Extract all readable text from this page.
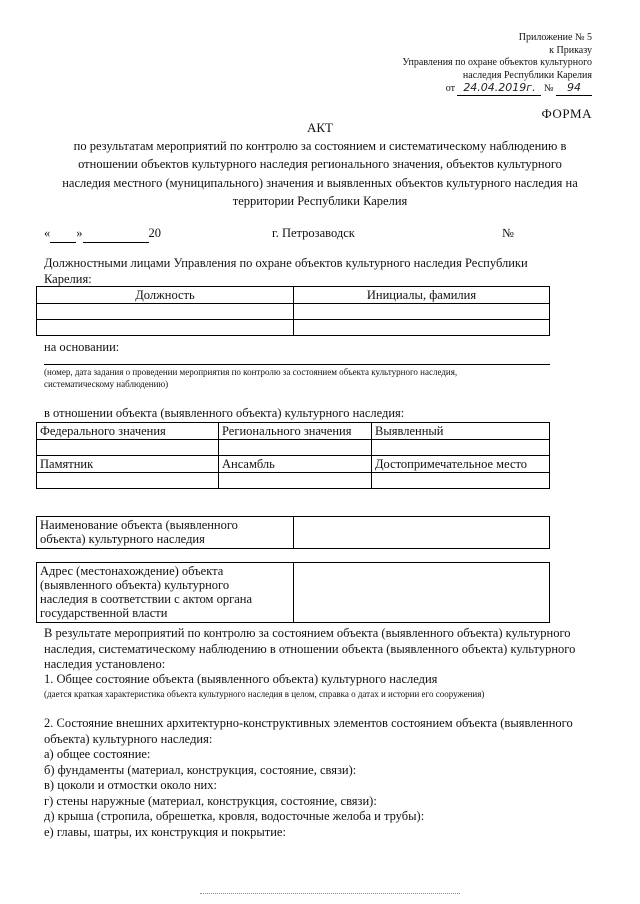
Приложение № 5
к Приказу
Управления по охране объектов культурного
наследия Республики Карелия
от 24.04.2019г. № 94
ФОРМА
АКТ
по результатам мероприятий по контролю за состоянием и систематическому наблюдению в
отношении объектов культурного наследия регионального значения, объектов культурного
наследия местного (муниципального) значения и выявленных объектов культурного наследия на
территории Республики Карелия
« »	20	г. Петрозаводск	№
Должностными лицами Управления по охране объектов культурного наследия Республики
Карелия:
Должность	Инициалы, фамилия

на основании:
(номер, дата задания о проведении мероприятия по контролю за состоянием объекта культурного наследия,
систематическому наблюдению)
в отношении объекта (выявленного объекта) культурного наследия:
Федерального значения	Регионального значения	Выявленный

Памятник	Ансамбль	Достопримечательное место

Наименование объекта (выявленного
объекта) культурного наследия

Адрес (местонахождение) объекта
(выявленного объекта) культурного
наследия в соответствии с актом органа
государственной власти

В результате мероприятий по контролю за состоянием объекта (выявленного объекта) культурного
наследия, систематическому наблюдению в отношении объекта (выявленного объекта) культурного
наследия установлено:
1. Общее состояние объекта (выявленного объекта) культурного наследия
(дается краткая характеристика объекта культурного наследия в целом, справка о датах и истории его сооружения)
2. Состояние внешних архитектурно-конструктивных элементов состоянием объекта (выявленного
объекта) культурного наследия:
а) общее состояние:
б) фундаменты (материал, конструкция, состояние, связи):
в) цоколи и отмостки около них:
г) стены наружные (материал, конструкция, состояние, связи):
д) крыша (стропила, обрешетка, кровля, водосточные желоба и трубы):
е) главы, шатры, их конструкция и покрытие:
